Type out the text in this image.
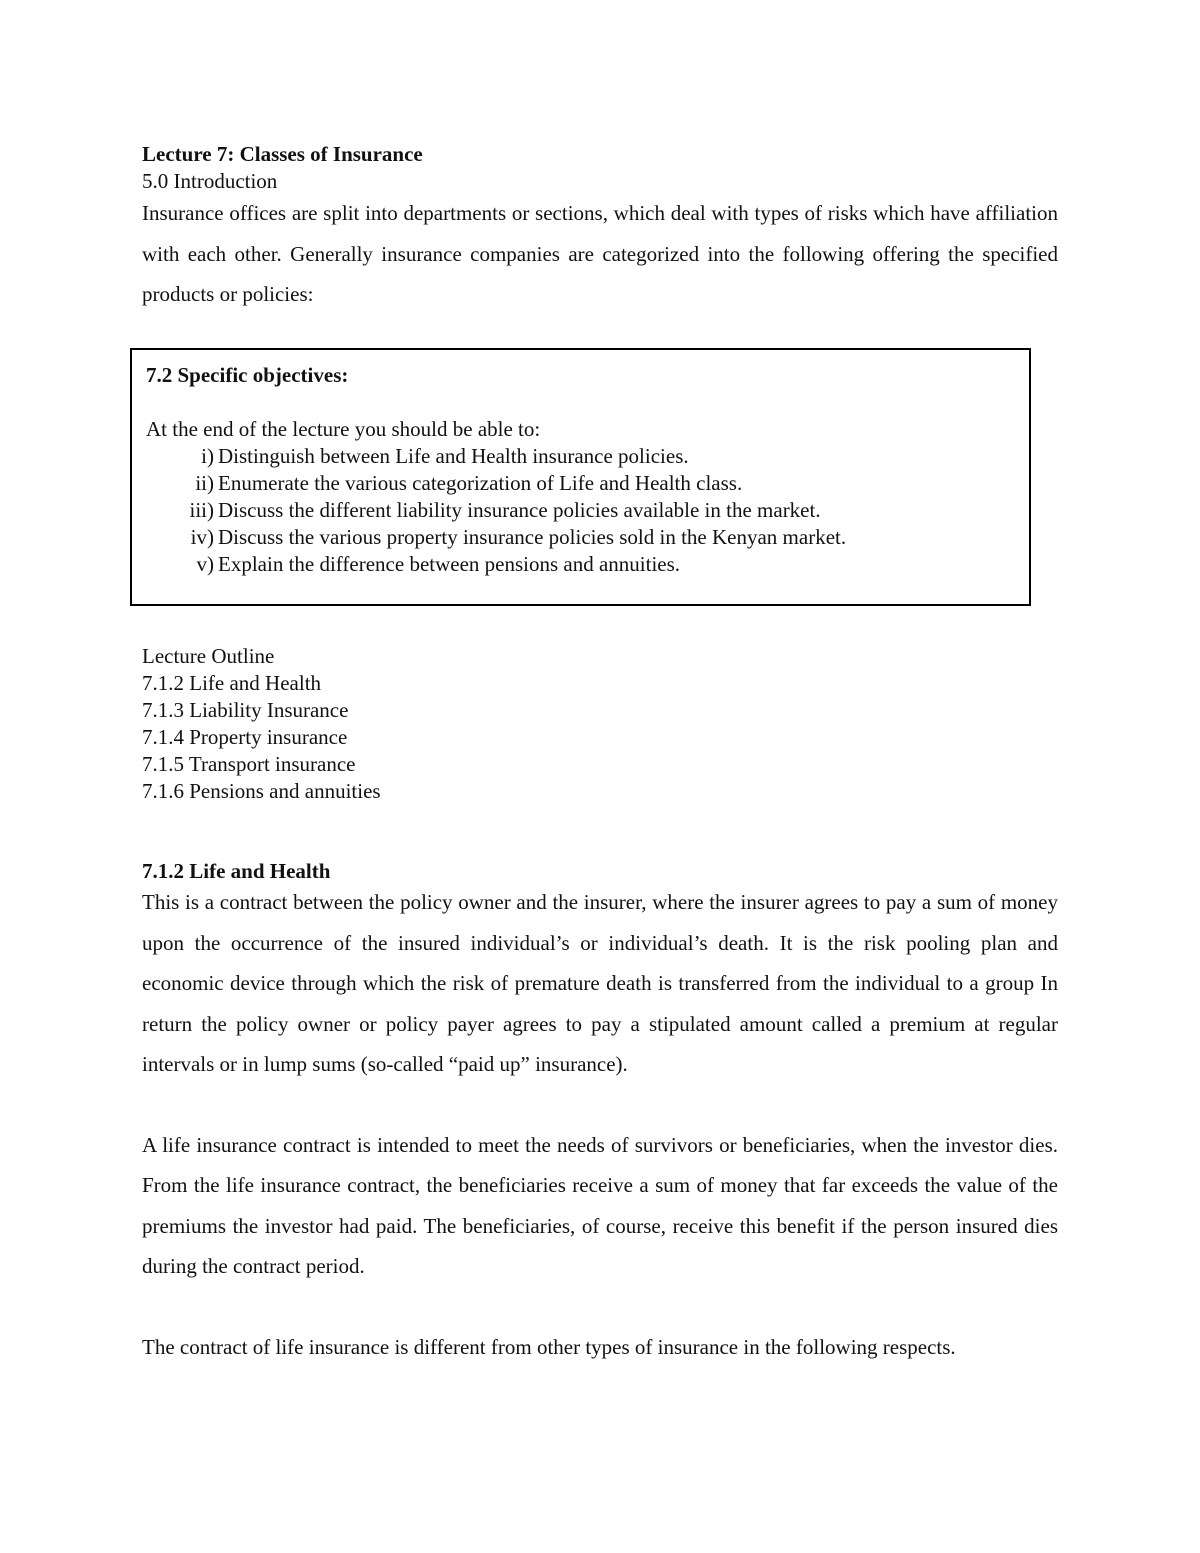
Lecture 7: Classes of Insurance
5.0 Introduction
Insurance offices are split into departments or sections, which deal with types of risks which have affiliation with each other. Generally insurance companies are categorized into the following offering the specified products or policies:
7.2 Specific objectives:
At the end of the lecture you should be able to:
i) Distinguish between Life and Health insurance policies.
ii) Enumerate the various categorization of Life and Health class.
iii) Discuss the different liability insurance policies available in the market.
iv) Discuss the various property insurance policies sold in the Kenyan market.
v) Explain the difference between pensions and annuities.
Lecture Outline
7.1.2 Life and Health
7.1.3 Liability Insurance
7.1.4 Property insurance
7.1.5 Transport insurance
7.1.6 Pensions and annuities
7.1.2 Life and Health
This is a contract between the policy owner and the insurer, where the insurer agrees to pay a sum of money upon the occurrence of the insured individual’s or individual’s death. It is the risk pooling plan and economic device through which the risk of premature death is transferred from the individual to a group In return the policy owner or policy payer agrees to pay a stipulated amount called a premium at regular intervals or in lump sums (so-called “paid up” insurance).
A life insurance contract is intended to meet the needs of survivors or beneficiaries, when the investor dies. From the life insurance contract, the beneficiaries receive a sum of money that far exceeds the value of the premiums the investor had paid. The beneficiaries, of course, receive this benefit if the person insured dies during the contract period.
The contract of life insurance is different from other types of insurance in the following respects.
